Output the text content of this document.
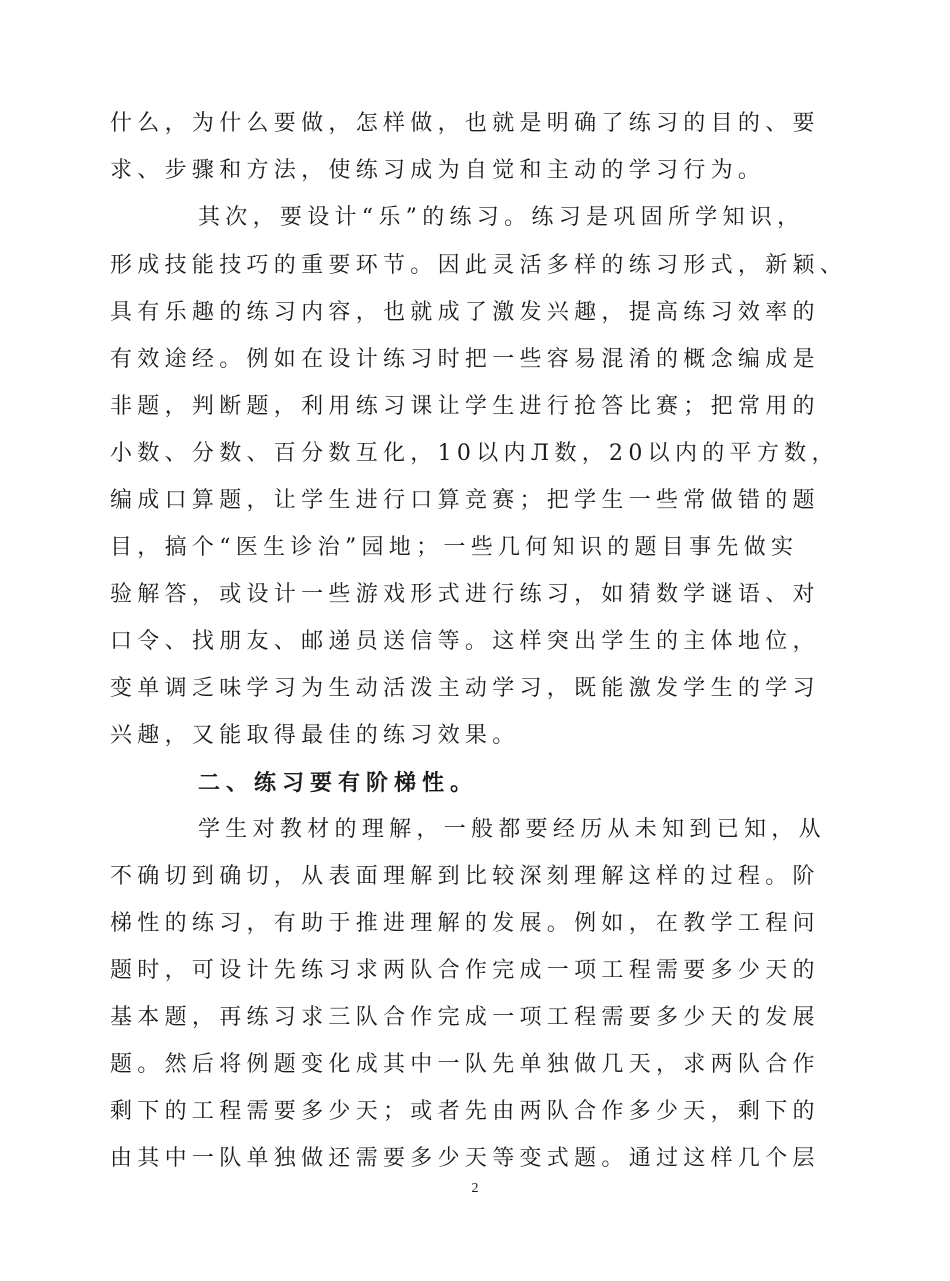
什么，为什么要做，怎样做，也就是明确了练习的目的、要
求、步骤和方法，使练习成为自觉和主动的学习行为。
其次，要设计“乐”的练习。练习是巩固所学知识，
形成技能技巧的重要环节。因此灵活多样的练习形式，新颖、
具有乐趣的练习内容，也就成了激发兴趣，提高练习效率的
有效途经。例如在设计练习时把一些容易混淆的概念编成是
非题，判断题，利用练习课让学生进行抢答比赛；把常用的
小数、分数、百分数互化，10以内Л数，20以内的平方数，
编成口算题，让学生进行口算竞赛；把学生一些常做错的题
目，搞个“医生诊治”园地；一些几何知识的题目事先做实
验解答，或设计一些游戏形式进行练习，如猜数学谜语、对
口令、找朋友、邮递员送信等。这样突出学生的主体地位，
变单调乏味学习为生动活泼主动学习，既能激发学生的学习
兴趣，又能取得最佳的练习效果。
二、练习要有阶梯性。
学生对教材的理解，一般都要经历从未知到已知，从
不确切到确切，从表面理解到比较深刻理解这样的过程。阶
梯性的练习，有助于推进理解的发展。例如，在教学工程问
题时，可设计先练习求两队合作完成一项工程需要多少天的
基本题，再练习求三队合作完成一项工程需要多少天的发展
题。然后将例题变化成其中一队先单独做几天，求两队合作
剩下的工程需要多少天；或者先由两队合作多少天，剩下的
由其中一队单独做还需要多少天等变式题。通过这样几个层
2
